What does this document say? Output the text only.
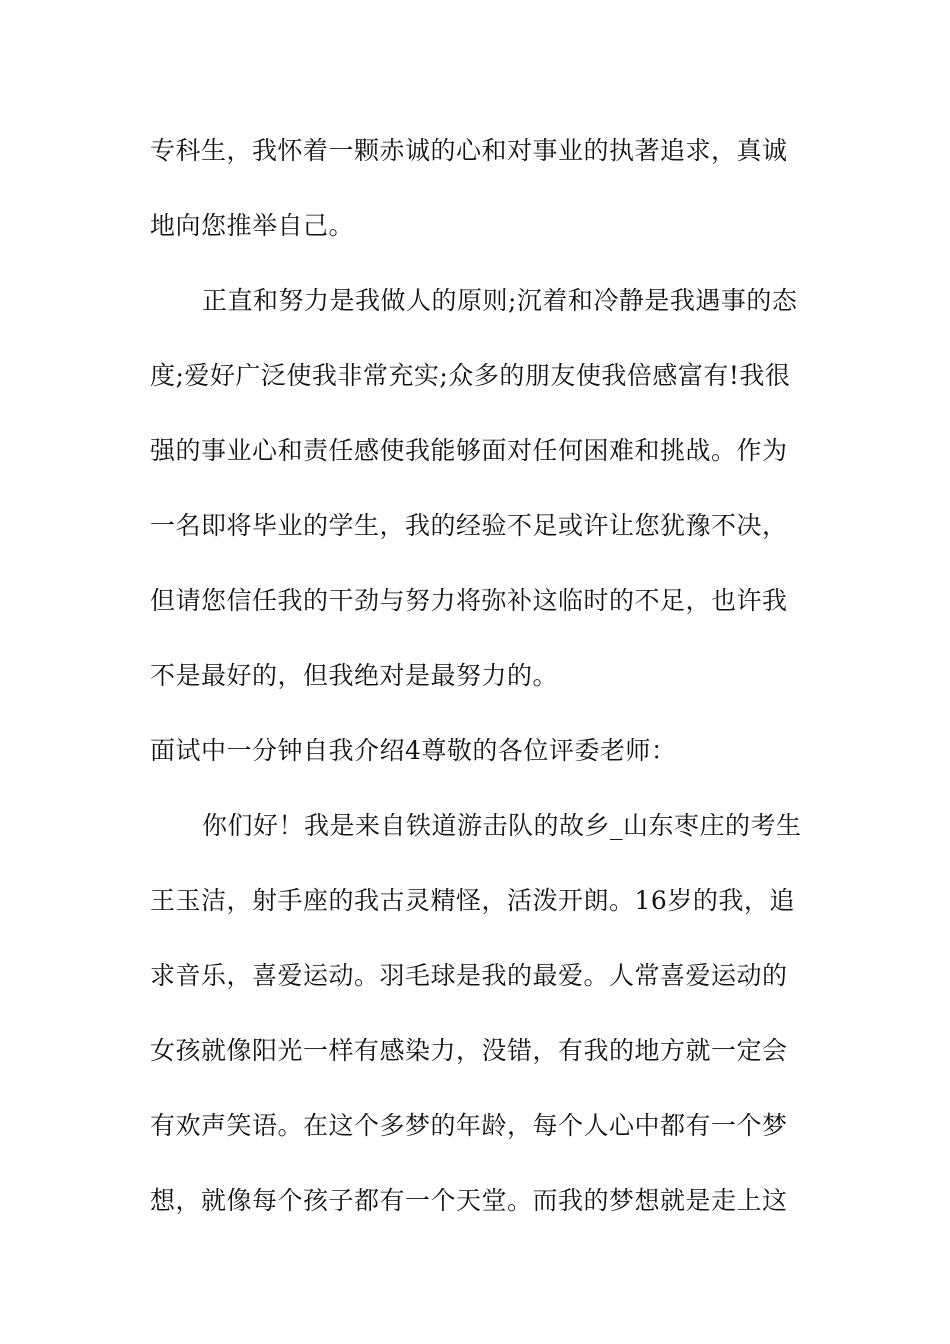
专科生，我怀着一颗赤诚的心和对事业的执著追求，真诚
地向您推举自己。
正直和努力是我做人的原则;沉着和冷静是我遇事的态
度;爱好广泛使我非常充实;众多的朋友使我倍感富有!我很
强的事业心和责任感使我能够面对任何困难和挑战。作为
一名即将毕业的学生，我的经验不足或许让您犹豫不决，
但请您信任我的干劲与努力将弥补这临时的不足，也许我
不是最好的，但我绝对是最努力的。
面试中一分钟自我介绍4尊敬的各位评委老师：
你们好！我是来自铁道游击队的故乡_山东枣庄的考生
王玉洁，射手座的我古灵精怪，活泼开朗。16岁的我，追
求音乐，喜爱运动。羽毛球是我的最爱。人常喜爱运动的
女孩就像阳光一样有感染力，没错，有我的地方就一定会
有欢声笑语。在这个多梦的年龄，每个人心中都有一个梦
想，就像每个孩子都有一个天堂。而我的梦想就是走上这
